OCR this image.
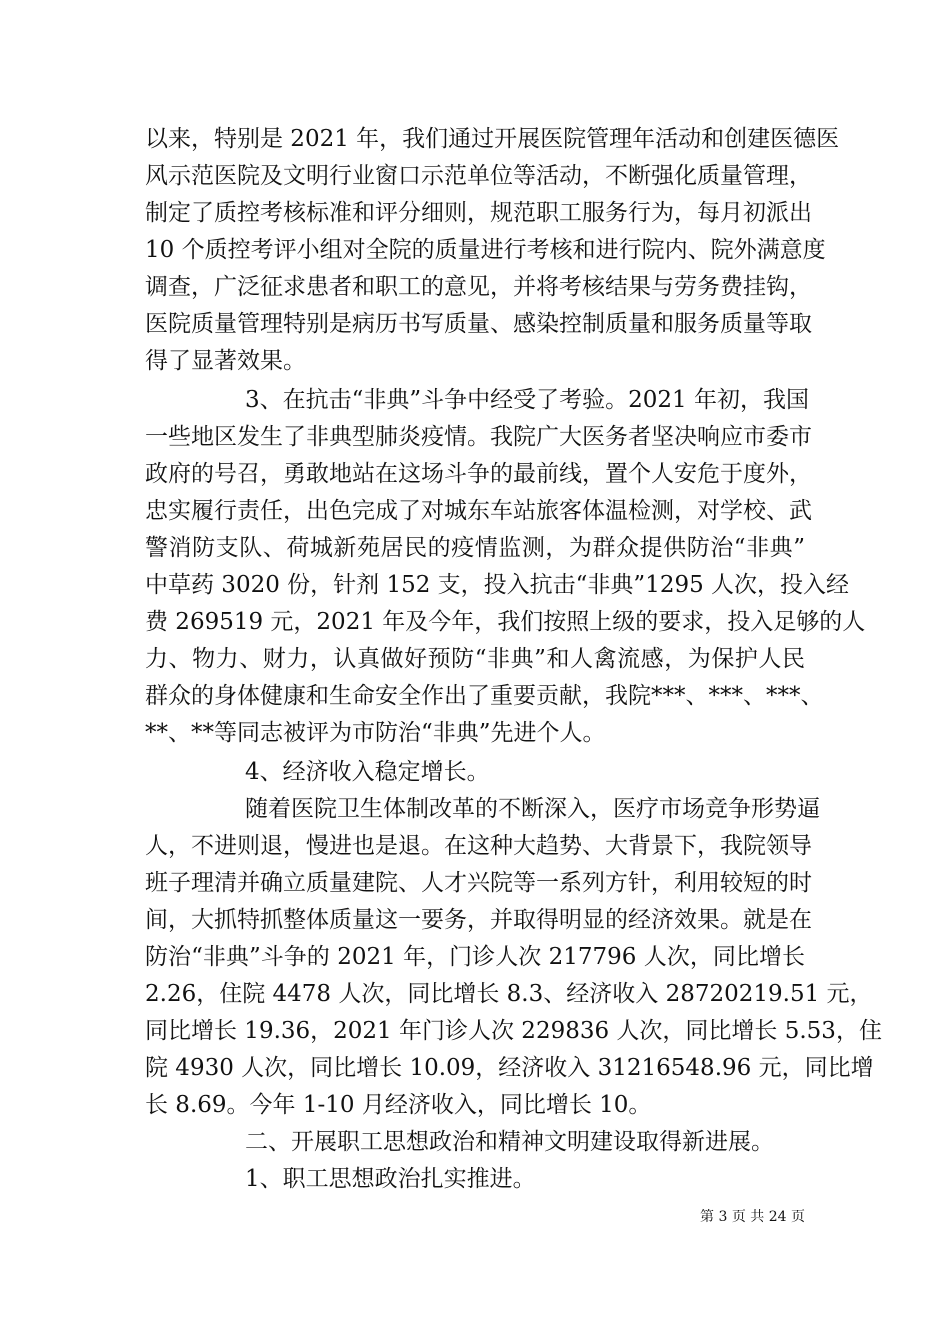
以来，特别是 2021 年，我们通过开展医院管理年活动和创建医德医
风示范医院及文明行业窗口示范单位等活动，不断强化质量管理，
制定了质控考核标准和评分细则，规范职工服务行为，每月初派出
10 个质控考评小组对全院的质量进行考核和进行院内、院外满意度
调查，广泛征求患者和职工的意见，并将考核结果与劳务费挂钩，
医院质量管理特别是病历书写质量、感染控制质量和服务质量等取
得了显著效果。
3、在抗击“非典”斗争中经受了考验。2021 年初，我国
一些地区发生了非典型肺炎疫情。我院广大医务者坚决响应市委市
政府的号召，勇敢地站在这场斗争的最前线，置个人安危于度外，
忠实履行责任，出色完成了对城东车站旅客体温检测，对学校、武
警消防支队、荷城新苑居民的疫情监测，为群众提供防治“非典”
中草药 3020 份，针剂 152 支，投入抗击“非典”1295 人次，投入经
费 269519 元，2021 年及今年，我们按照上级的要求，投入足够的人
力、物力、财力，认真做好预防“非典”和人禽流感，为保护人民
群众的身体健康和生命安全作出了重要贡献，我院***、***、***、
**、**等同志被评为市防治“非典”先进个人。
4、经济收入稳定增长。
随着医院卫生体制改革的不断深入，医疗市场竞争形势逼
人，不进则退，慢进也是退。在这种大趋势、大背景下，我院领导
班子理清并确立质量建院、人才兴院等一系列方针，利用较短的时
间，大抓特抓整体质量这一要务，并取得明显的经济效果。就是在
防治“非典”斗争的 2021 年，门诊人次 217796 人次，同比增长
2.26，住院 4478 人次，同比增长 8.3、经济收入 28720219.51 元，
同比增长 19.36，2021 年门诊人次 229836 人次，同比增长 5.53，住
院 4930 人次，同比增长 10.09，经济收入 31216548.96 元，同比增
长 8.69。今年 1-10 月经济收入，同比增长 10。
二、开展职工思想政治和精神文明建设取得新进展。
1、职工思想政治扎实推进。
第 3 页 共 24 页
